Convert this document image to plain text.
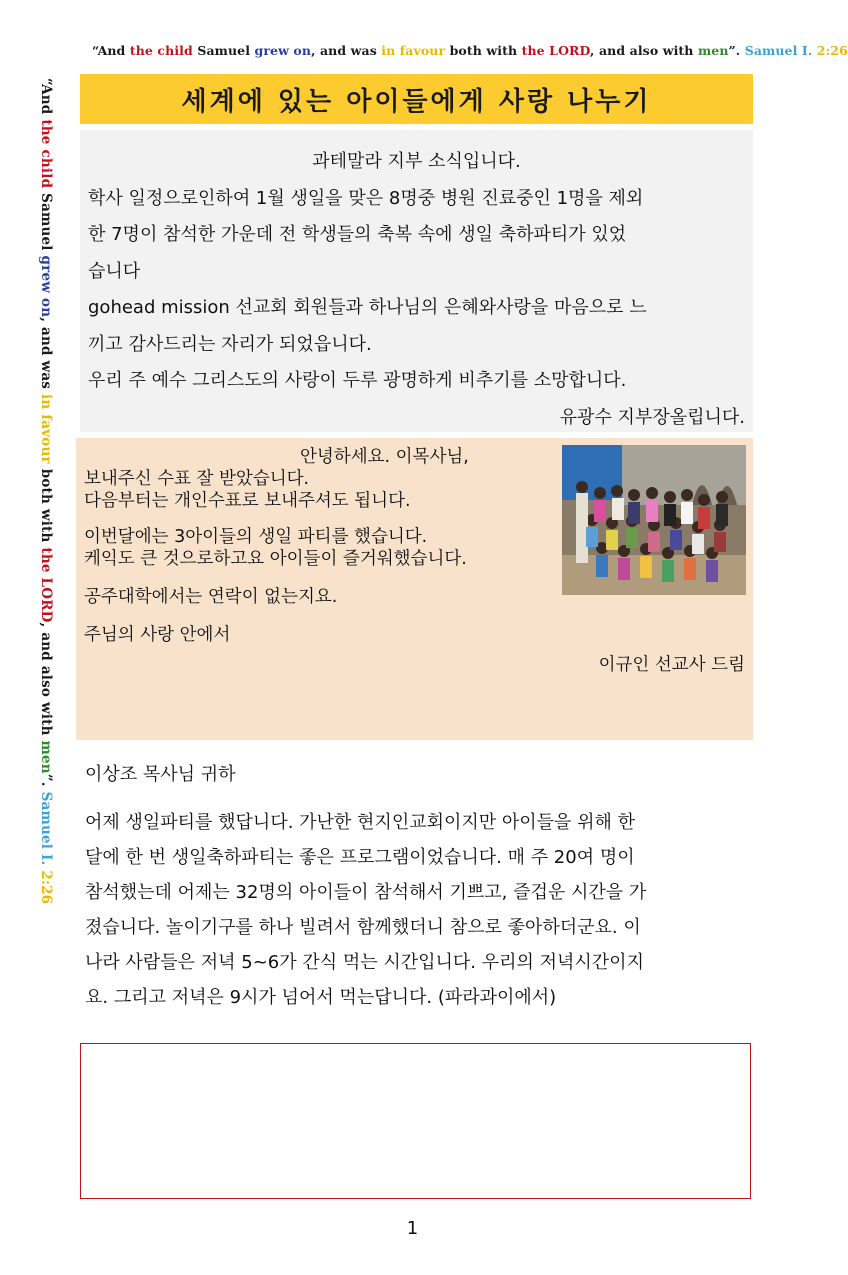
“And the child Samuel grew on, and was in favour both with the LORD, and also with men”. Samuel I. 2:26
“And the child Samuel grew on, and was in favour both with the LORD, and also with men”. Samuel I. 2:26
세계에 있는 아이들에게 사랑 나누기

과테말라 지부 소식입니다.

학사 일정으로인하여 1월 생일을 맞은 8명중 병원 진료중인 1명을 제외

한 7명이 참석한 가운데 전 학생들의 축복 속에 생일 축하파티가 있었

습니다

gohead mission 선교회 회원들과 하나님의 은혜와사랑을 마음으로 느

끼고 감사드리는 자리가 되었읍니다.

우리 주 예수 그리스도의 사랑이 두루 광명하게 비추기를 소망합니다.

유광수 지부장올립니다.

안녕하세요. 이목사님,

보내주신 수표 잘 받았습니다.

다음부터는 개인수표로 보내주셔도 됩니다.

이번달에는 3아이들의 생일 파티를 했습니다.

케익도 큰 것으로하고요 아이들이 즐거워했습니다.

공주대학에서는 연락이 없는지요.

주님의 사랑 안에서

이규인 선교사 드림

이상조 목사님 귀하

어제 생일파티를 했답니다. 가난한 현지인교회이지만 아이들을 위해 한

달에 한 번 생일축하파티는 좋은 프로그램이었습니다. 매 주 20여 명이

참석했는데 어제는 32명의 아이들이 참석해서 기쁘고, 즐겁운 시간을 가

졌습니다. 놀이기구를 하나 빌려서 함께했더니 참으로 좋아하더군요. 이

나라 사람들은 저녁 5~6가 간식 먹는 시간입니다. 우리의 저녁시간이지

요. 그리고 저녁은 9시가 넘어서 먹는답니다. (파라과이에서)

1
